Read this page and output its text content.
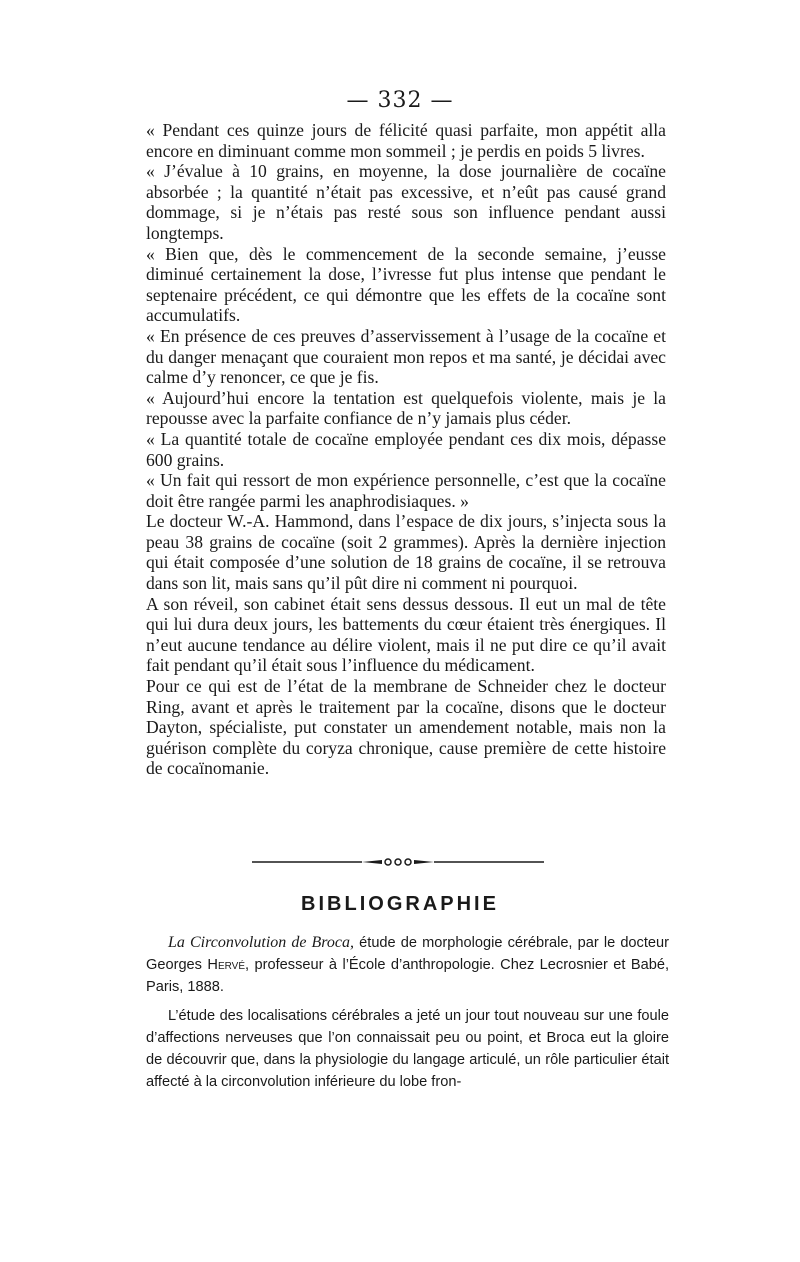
— 332 —

« Pendant ces quinze jours de félicité quasi parfaite, mon appétit alla encore en diminuant comme mon sommeil ; je perdis en poids 5 livres.

« J’évalue à 10 grains, en moyenne, la dose journalière de cocaïne absorbée ; la quantité n’était pas excessive, et n’eût pas causé grand dommage, si je n’étais pas resté sous son influence pendant aussi longtemps.

« Bien que, dès le commencement de la seconde semaine, j’eusse diminué certainement la dose, l’ivresse fut plus intense que pendant le septenaire précédent, ce qui démontre que les effets de la cocaïne sont accumulatifs.

« En présence de ces preuves d’asservissement à l’usage de la cocaïne et du danger menaçant que couraient mon repos et ma santé, je décidai avec calme d’y renoncer, ce que je fis.

« Aujourd’hui encore la tentation est quelquefois violente, mais je la repousse avec la parfaite confiance de n’y jamais plus céder.

« La quantité totale de cocaïne employée pendant ces dix mois, dépasse 600 grains.

« Un fait qui ressort de mon expérience personnelle, c’est que la cocaïne doit être rangée parmi les anaphrodisiaques. »

Le docteur W.-A. Hammond, dans l’espace de dix jours, s’injecta sous la peau 38 grains de cocaïne (soit 2 grammes). Après la dernière injection qui était composée d’une solution de 18 grains de cocaïne, il se retrouva dans son lit, mais sans qu’il pût dire ni comment ni pourquoi.

A son réveil, son cabinet était sens dessus dessous. Il eut un mal de tête qui lui dura deux jours, les battements du cœur étaient très énergiques. Il n’eut aucune tendance au délire violent, mais il ne put dire ce qu’il avait fait pendant qu’il était sous l’influence du médicament.

Pour ce qui est de l’état de la membrane de Schneider chez le docteur Ring, avant et après le traitement par la cocaïne, disons que le docteur Dayton, spécialiste, put constater un amendement notable, mais non la guérison complète du coryza chronique, cause première de cette histoire de cocaïnomanie.

BIBLIOGRAPHIE

La Circonvolution de Broca, étude de morphologie cérébrale, par le docteur Georges Hervé, professeur à l’École d’anthropologie. Chez Lecrosnier et Babé, Paris, 1888.

L’étude des localisations cérébrales a jeté un jour tout nouveau sur une foule d’affections nerveuses que l’on connaissait peu ou point, et Broca eut la gloire de découvrir que, dans la physiologie du langage articulé, un rôle particulier était affecté à la circonvolution inférieure du lobe fron-
